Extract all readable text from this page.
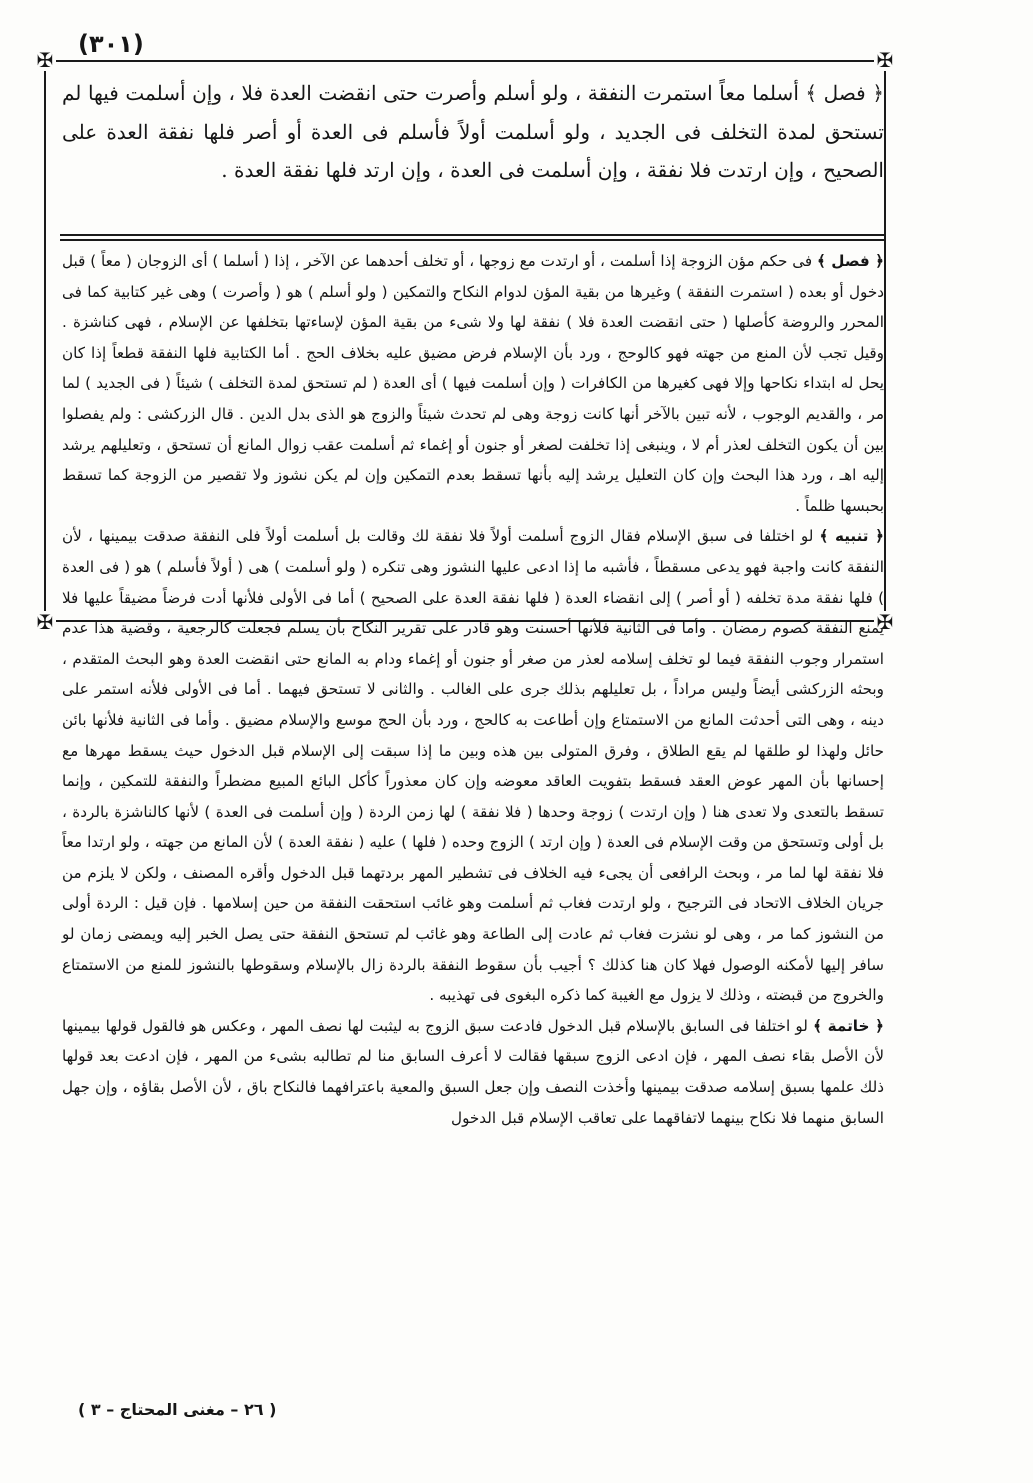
(٣٠١)
✠	✠
✠	✠

﴿ فصل ﴾ أسلما معاً استمرت النفقة ، ولو أسلم وأصرت حتى انقضت العدة فلا ، وإن أسلمت فيها لم تستحق لمدة التخلف فى الجديد ، ولو أسلمت أولاً فأسلم فى العدة أو أصر فلها نفقة العدة على الصحيح ، وإن ارتدت فلا نفقة ، وإن أسلمت فى العدة ، وإن ارتد فلها نفقة العدة .

﴿ فصل ﴾ فى حكم مؤن الزوجة إذا أسلمت ، أو ارتدت مع زوجها ، أو تخلف أحدهما عن الآخر ، إذا ( أسلما ) أى الزوجان ( معاً ) قبل دخول أو بعده ( استمرت النفقة ) وغيرها من بقية المؤن لدوام النكاح والتمكين ( ولو أسلم ) هو ( وأصرت ) وهى غير كتابية كما فى المحرر والروضة كأصلها ( حتى انقضت العدة فلا ) نفقة لها ولا شىء من بقية المؤن لإساءتها بتخلفها عن الإسلام ، فهى كناشزة . وقيل تجب لأن المنع من جهته فهو كالوحج ، ورد بأن الإسلام فرض مضيق عليه بخلاف الحج . أما الكتابية فلها النفقة قطعاً إذا كان يحل له ابتداء نكاحها وإلا فهى كغيرها من الكافرات ( وإن أسلمت فيها ) أى العدة ( لم تستحق لمدة التخلف ) شيئاً ( فى الجديد ) لما مر ، والقديم الوجوب ، لأنه تبين بالآخر أنها كانت زوجة وهى لم تحدث شيئاً والزوج هو الذى بدل الدين . قال الزركشى : ولم يفصلوا بين أن يكون التخلف لعذر أم لا ، وينبغى إذا تخلفت لصغر أو جنون أو إغماء ثم أسلمت عقب زوال المانع أن تستحق ، وتعليلهم يرشد إليه اهـ ، ورد هذا البحث وإن كان التعليل يرشد إليه بأنها تسقط بعدم التمكين وإن لم يكن نشوز ولا تقصير من الزوجة كما تسقط بحبسها ظلماً .

﴿ تنبيه ﴾ لو اختلفا فى سبق الإسلام فقال الزوج أسلمت أولاً فلا نفقة لك وقالت بل أسلمت أولاً فلى النفقة صدقت بيمينها ، لأن النفقة كانت واجبة فهو يدعى مسقطاً ، فأشبه ما إذا ادعى عليها النشوز وهى تنكره ( ولو أسلمت ) هى ( أولاً فأسلم ) هو ( فى العدة ) فلها نفقة مدة تخلفه ( أو أصر ) إلى انقضاء العدة ( فلها نفقة العدة على الصحيح ) أما فى الأولى فلأنها أدت فرضاً مضيقاً عليها فلا يمنع النفقة كصوم رمضان . وأما فى الثانية فلأنها أحسنت وهو قادر على تقرير النكاح بأن يسلم فجعلت كالرجعية ، وقضية هذا عدم استمرار وجوب النفقة فيما لو تخلف إسلامه لعذر من صغر أو جنون أو إغماء ودام به المانع حتى انقضت العدة وهو البحث المتقدم ، وبحثه الزركشى أيضاً وليس مراداً ، بل تعليلهم بذلك جرى على الغالب . والثانى لا تستحق فيهما . أما فى الأولى فلأنه استمر على دينه ، وهى التى أحدثت المانع من الاستمتاع وإن أطاعت به كالحج ، ورد بأن الحج موسع والإسلام مضيق . وأما فى الثانية فلأنها بائن حائل ولهذا لو طلقها لم يقع الطلاق ، وفرق المتولى بين هذه وبين ما إذا سبقت إلى الإسلام قبل الدخول حيث يسقط مهرها مع إحسانها بأن المهر عوض العقد فسقط بتفويت العاقد معوضه وإن كان معذوراً كأكل البائع المبيع مضطراً والنفقة للتمكين ، وإنما تسقط بالتعدى ولا تعدى هنا ( وإن ارتدت ) زوجة وحدها ( فلا نفقة ) لها زمن الردة ( وإن أسلمت فى العدة ) لأنها كالناشزة بالردة ، بل أولى وتستحق من وقت الإسلام فى العدة ( وإن ارتد ) الزوج وحده ( فلها ) عليه ( نفقة العدة ) لأن المانع من جهته ، ولو ارتدا معاً فلا نفقة لها لما مر ، وبحث الرافعى أن يجىء فيه الخلاف فى تشطير المهر بردتهما قبل الدخول وأقره المصنف ، ولكن لا يلزم من جريان الخلاف الاتحاد فى الترجيح ، ولو ارتدت فغاب ثم أسلمت وهو غائب استحقت النفقة من حين إسلامها . فإن قيل : الردة أولى من النشوز كما مر ، وهى لو نشزت فغاب ثم عادت إلى الطاعة وهو غائب لم تستحق النفقة حتى يصل الخبر إليه ويمضى زمان لو سافر إليها لأمكنه الوصول فهلا كان هنا كذلك ؟ أجيب بأن سقوط النفقة بالردة زال بالإسلام وسقوطها بالنشوز للمنع من الاستمتاع والخروج من قبضته ، وذلك لا يزول مع الغيبة كما ذكره البغوى فى تهذيبه .

﴿ خاتمة ﴾ لو اختلفا فى السابق بالإسلام قبل الدخول فادعت سبق الزوج به ليثبت لها نصف المهر ، وعكس هو فالقول قولها بيمينها لأن الأصل بقاء نصف المهر ، فإن ادعى الزوج سبقها فقالت لا أعرف السابق منا لم تطالبه بشىء من المهر ، فإن ادعت بعد قولها ذلك علمها بسبق إسلامه صدقت بيمينها وأخذت النصف وإن جعل السبق والمعية باعترافهما فالنكاح باق ، لأن الأصل بقاؤه ، وإن جهل السابق منهما فلا نكاح بينهما لاتفاقهما على تعاقب الإسلام قبل الدخول

( ٢٦ – مغنى المحتاج – ٣ )
